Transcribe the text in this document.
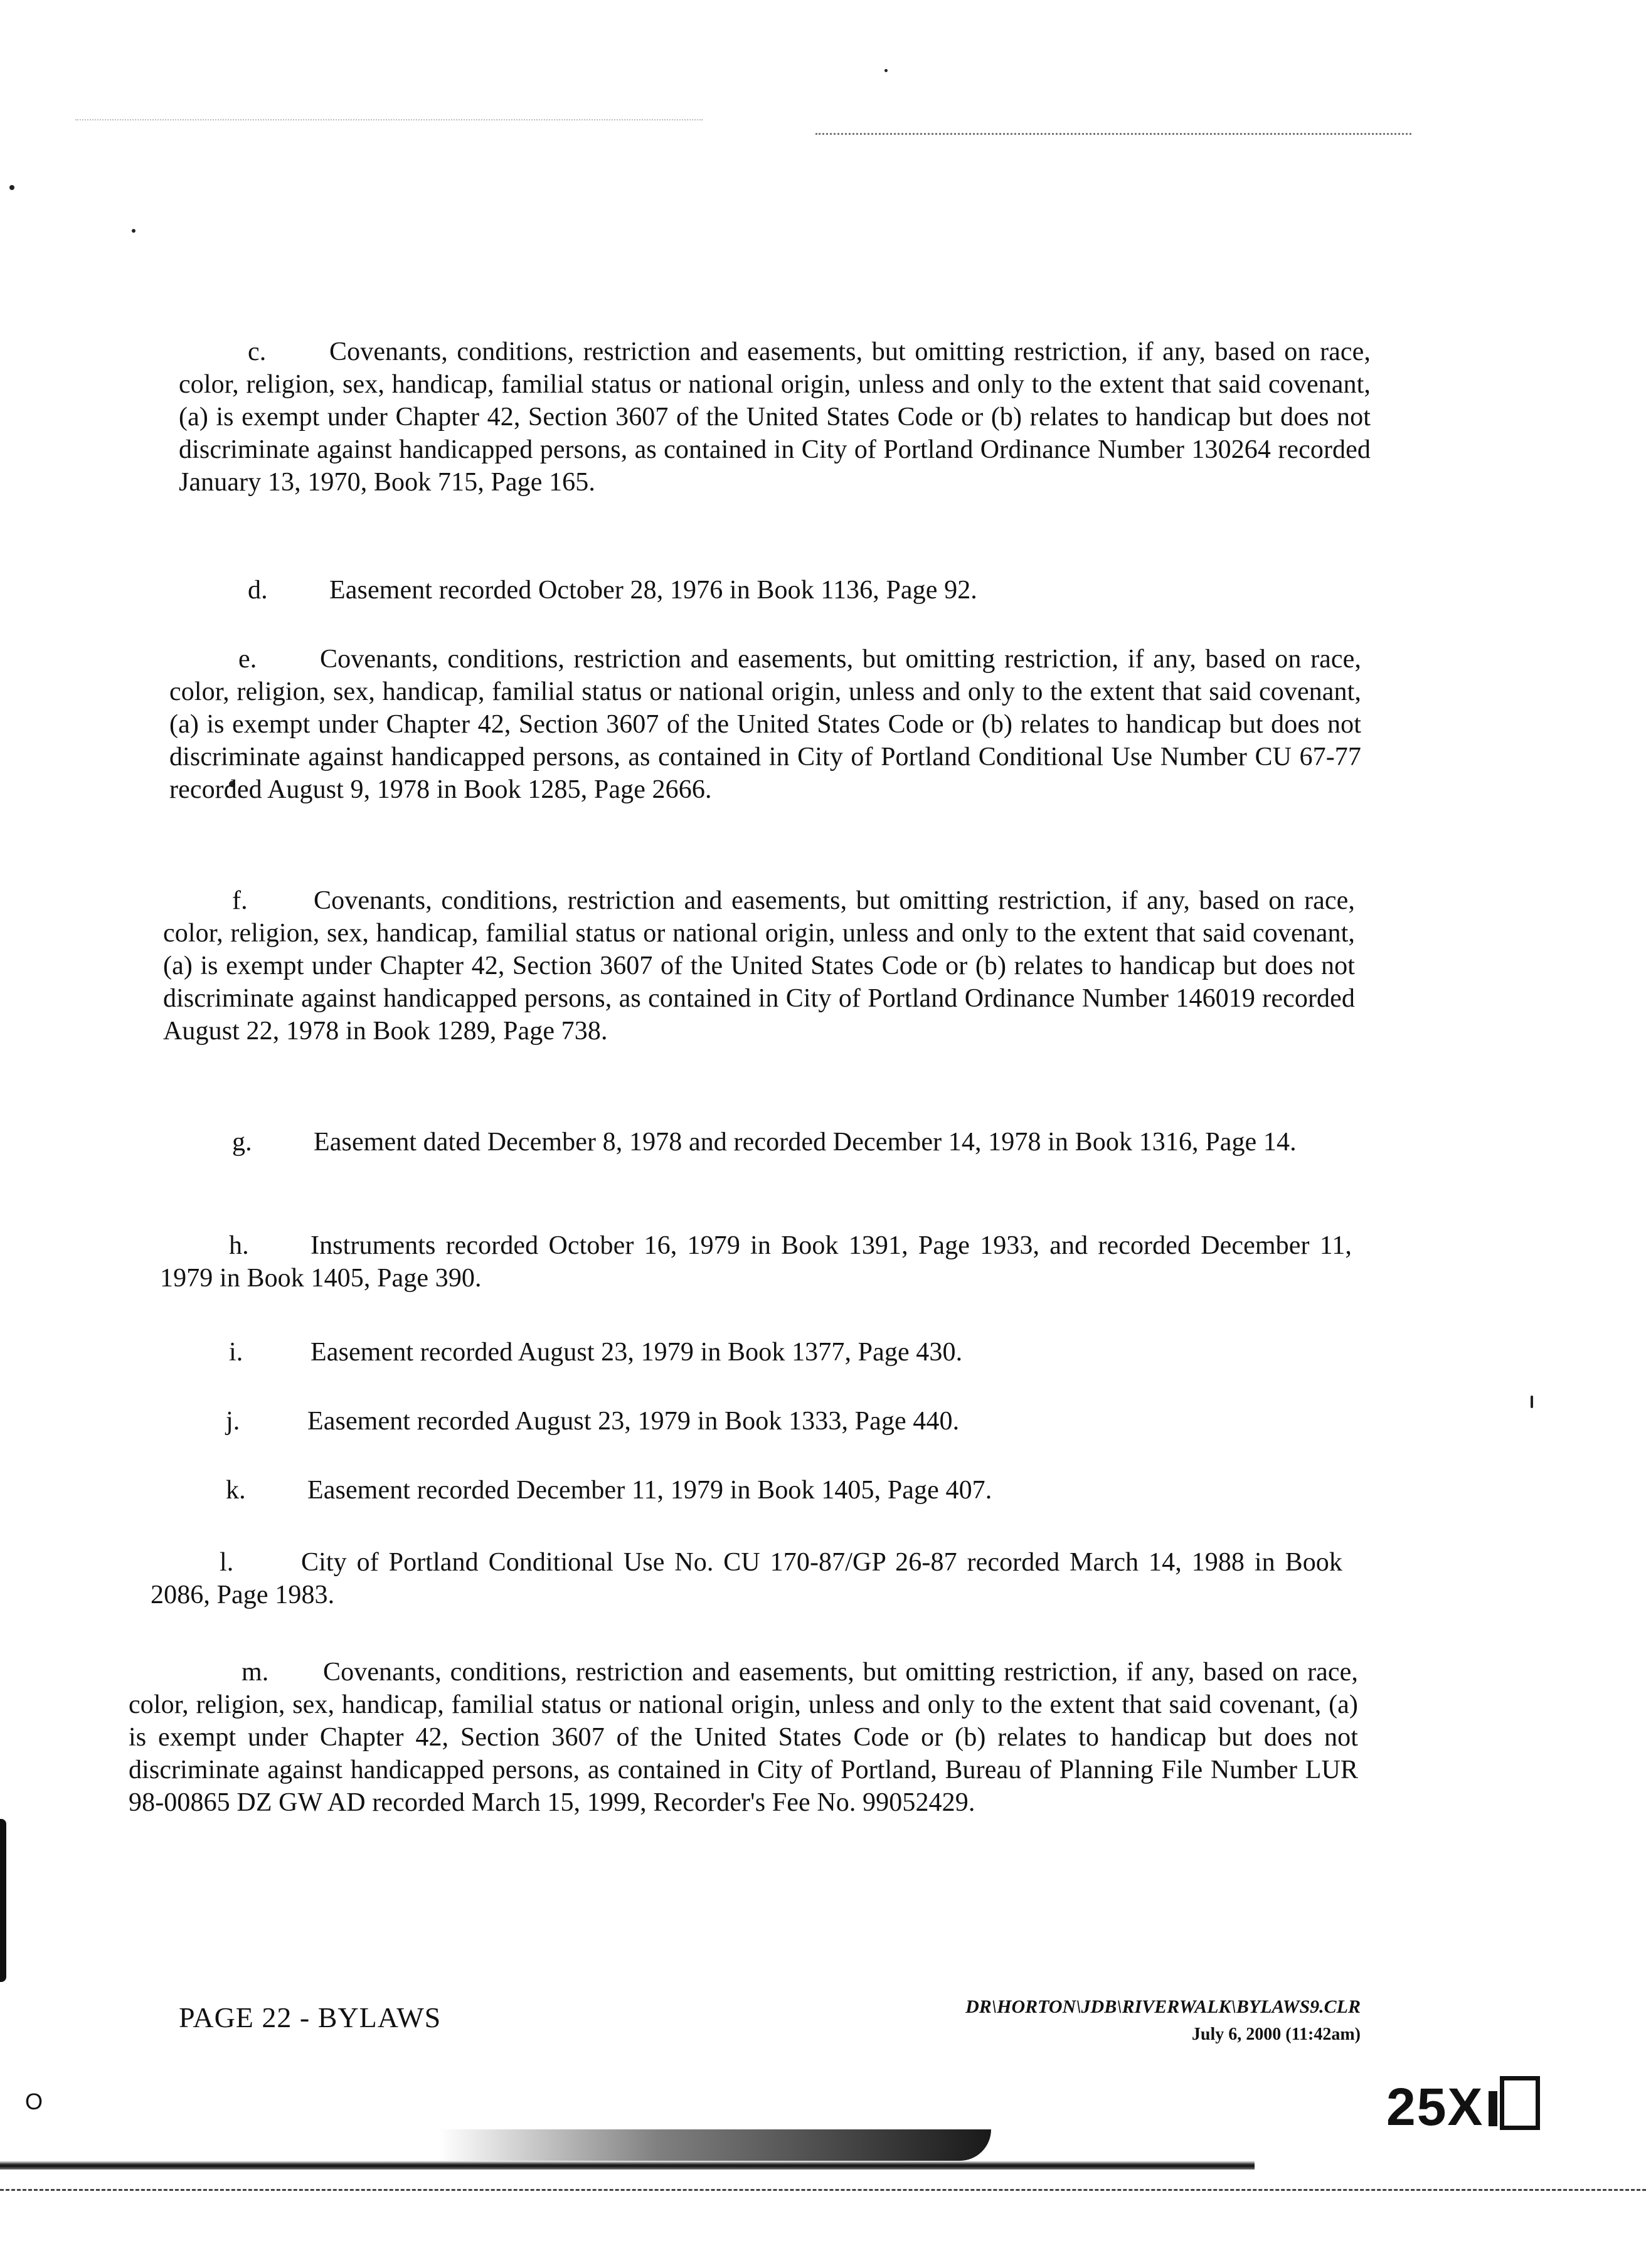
c. Covenants, conditions, restriction and easements, but omitting restriction, if any, based on race, color, religion, sex, handicap, familial status or national origin, unless and only to the extent that said covenant, (a) is exempt under Chapter 42, Section 3607 of the United States Code or (b) relates to handicap but does not discriminate against handicapped persons, as contained in City of Portland Ordinance Number 130264 recorded January 13, 1970, Book 715, Page 165.

d. Easement recorded October 28, 1976 in Book 1136, Page 92.

e. Covenants, conditions, restriction and easements, but omitting restriction, if any, based on race, color, religion, sex, handicap, familial status or national origin, unless and only to the extent that said covenant, (a) is exempt under Chapter 42, Section 3607 of the United States Code or (b) relates to handicap but does not discriminate against handicapped persons, as contained in City of Portland Conditional Use Number CU 67-77 recorded August 9, 1978 in Book 1285, Page 2666.

f.	Covenants, conditions, restriction and easements, but omitting restriction, if any, based on race, color, religion, sex, handicap, familial status or national origin, unless and only to the extent that said covenant, (a) is exempt under Chapter 42, Section 3607 of the United States Code or (b) relates to handicap but does not discriminate against handicapped persons, as contained in City of Portland Ordinance Number 146019 recorded August 22, 1978 in Book 1289, Page 738.

g. Easement dated December 8, 1978 and recorded December 14, 1978 in Book 1316, Page 14.

h. Instruments recorded October 16, 1979 in Book 1391, Page 1933, and recorded December 11, 1979 in Book 1405, Page 390.

i.	Easement recorded August 23, 1979 in Book 1377, Page 430.

j.	Easement recorded August 23, 1979 in Book 1333, Page 440.

k. Easement recorded December 11, 1979 in Book 1405, Page 407.

l.	City of Portland Conditional Use No. CU 170-87/GP 26-87 recorded March 14, 1988 in Book 2086, Page 1983.

m. Covenants, conditions, restriction and easements, but omitting restriction, if any, based on race, color, religion, sex, handicap, familial status or national origin, unless and only to the extent that said covenant, (a) is exempt under Chapter 42, Section 3607 of the United States Code or (b) relates to handicap but does not discriminate against handicapped persons, as contained in City of Portland, Bureau of Planning File Number LUR 98-00865 DZ GW AD recorded March 15, 1999, Recorder's Fee No. 99052429.

PAGE 22 - BYLAWS	DR\HORTON\JDB\RIVERWALK\BYLAWS9.CLR
July 6, 2000 (11:42am)
O	25X
